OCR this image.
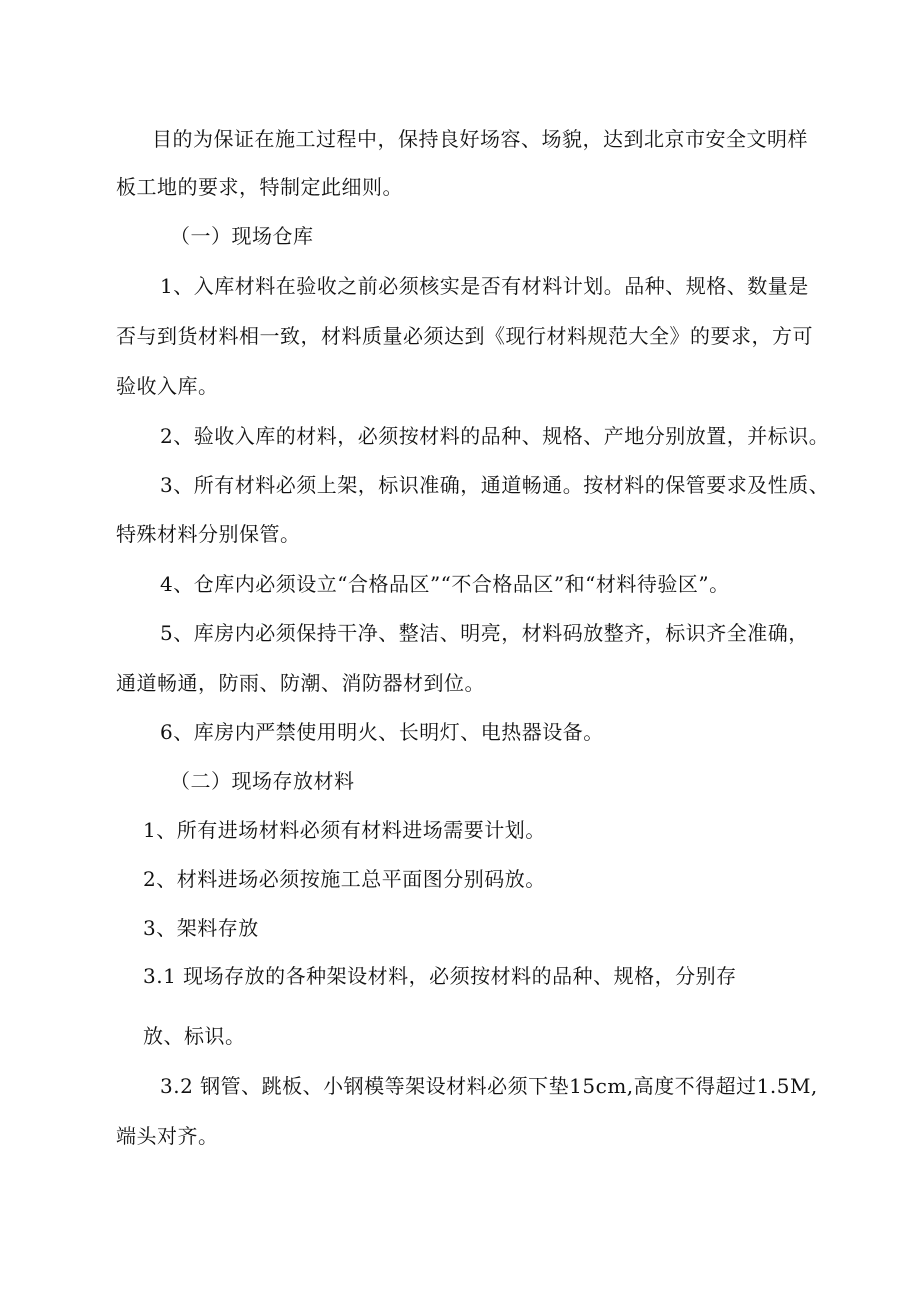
目的为保证在施工过程中，保持良好场容、场貌，达到北京市安全文明样
板工地的要求，特制定此细则。
（一）现场仓库
1、入库材料在验收之前必须核实是否有材料计划。品种、规格、数量是
否与到货材料相一致，材料质量必须达到《现行材料规范大全》的要求，方可
验收入库。
2、验收入库的材料，必须按材料的品种、规格、产地分别放置，并标识。
3、所有材料必须上架，标识准确，通道畅通。按材料的保管要求及性质、
特殊材料分别保管。
4、仓库内必须设立“合格品区”“不合格品区”和“材料待验区”。
5、库房内必须保持干净、整洁、明亮，材料码放整齐，标识齐全准确，
通道畅通，防雨、防潮、消防器材到位。
6、库房内严禁使用明火、长明灯、电热器设备。
（二）现场存放材料
1、所有进场材料必须有材料进场需要计划。
2、材料进场必须按施工总平面图分别码放。
3、架料存放
3.1 现场存放的各种架设材料，必须按材料的品种、规格，分别存
放、标识。
3.2 钢管、跳板、小钢模等架设材料必须下垫15cm,高度不得超过1.5M,
端头对齐。
